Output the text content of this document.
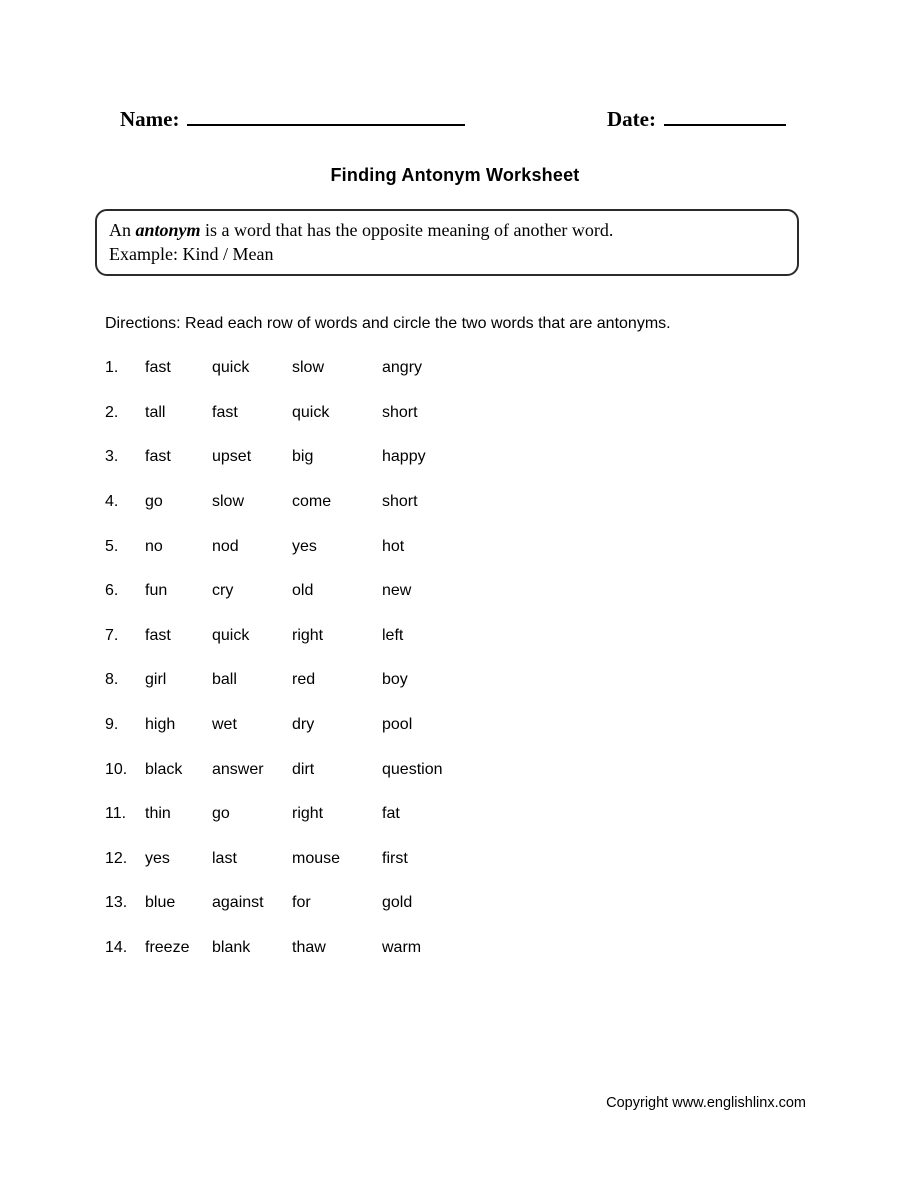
Name:	Date:
Finding Antonym Worksheet
An antonym is a word that has the opposite meaning of another word.
Example: Kind / Mean
Directions: Read each row of words and circle the two words that are antonyms.
1.	fast	quick	slow	angry
2.	tall	fast	quick	short
3.	fast	upset	big	happy
4.	go	slow	come	short
5.	no	nod	yes	hot
6.	fun	cry	old	new
7.	fast	quick	right	left
8.	girl	ball	red	boy
9.	high	wet	dry	pool
10.	black	answer	dirt	question
11.	thin	go	right	fat
12.	yes	last	mouse	first
13.	blue	against	for	gold
14.	freeze	blank	thaw	warm
Copyright www.englishlinx.com
